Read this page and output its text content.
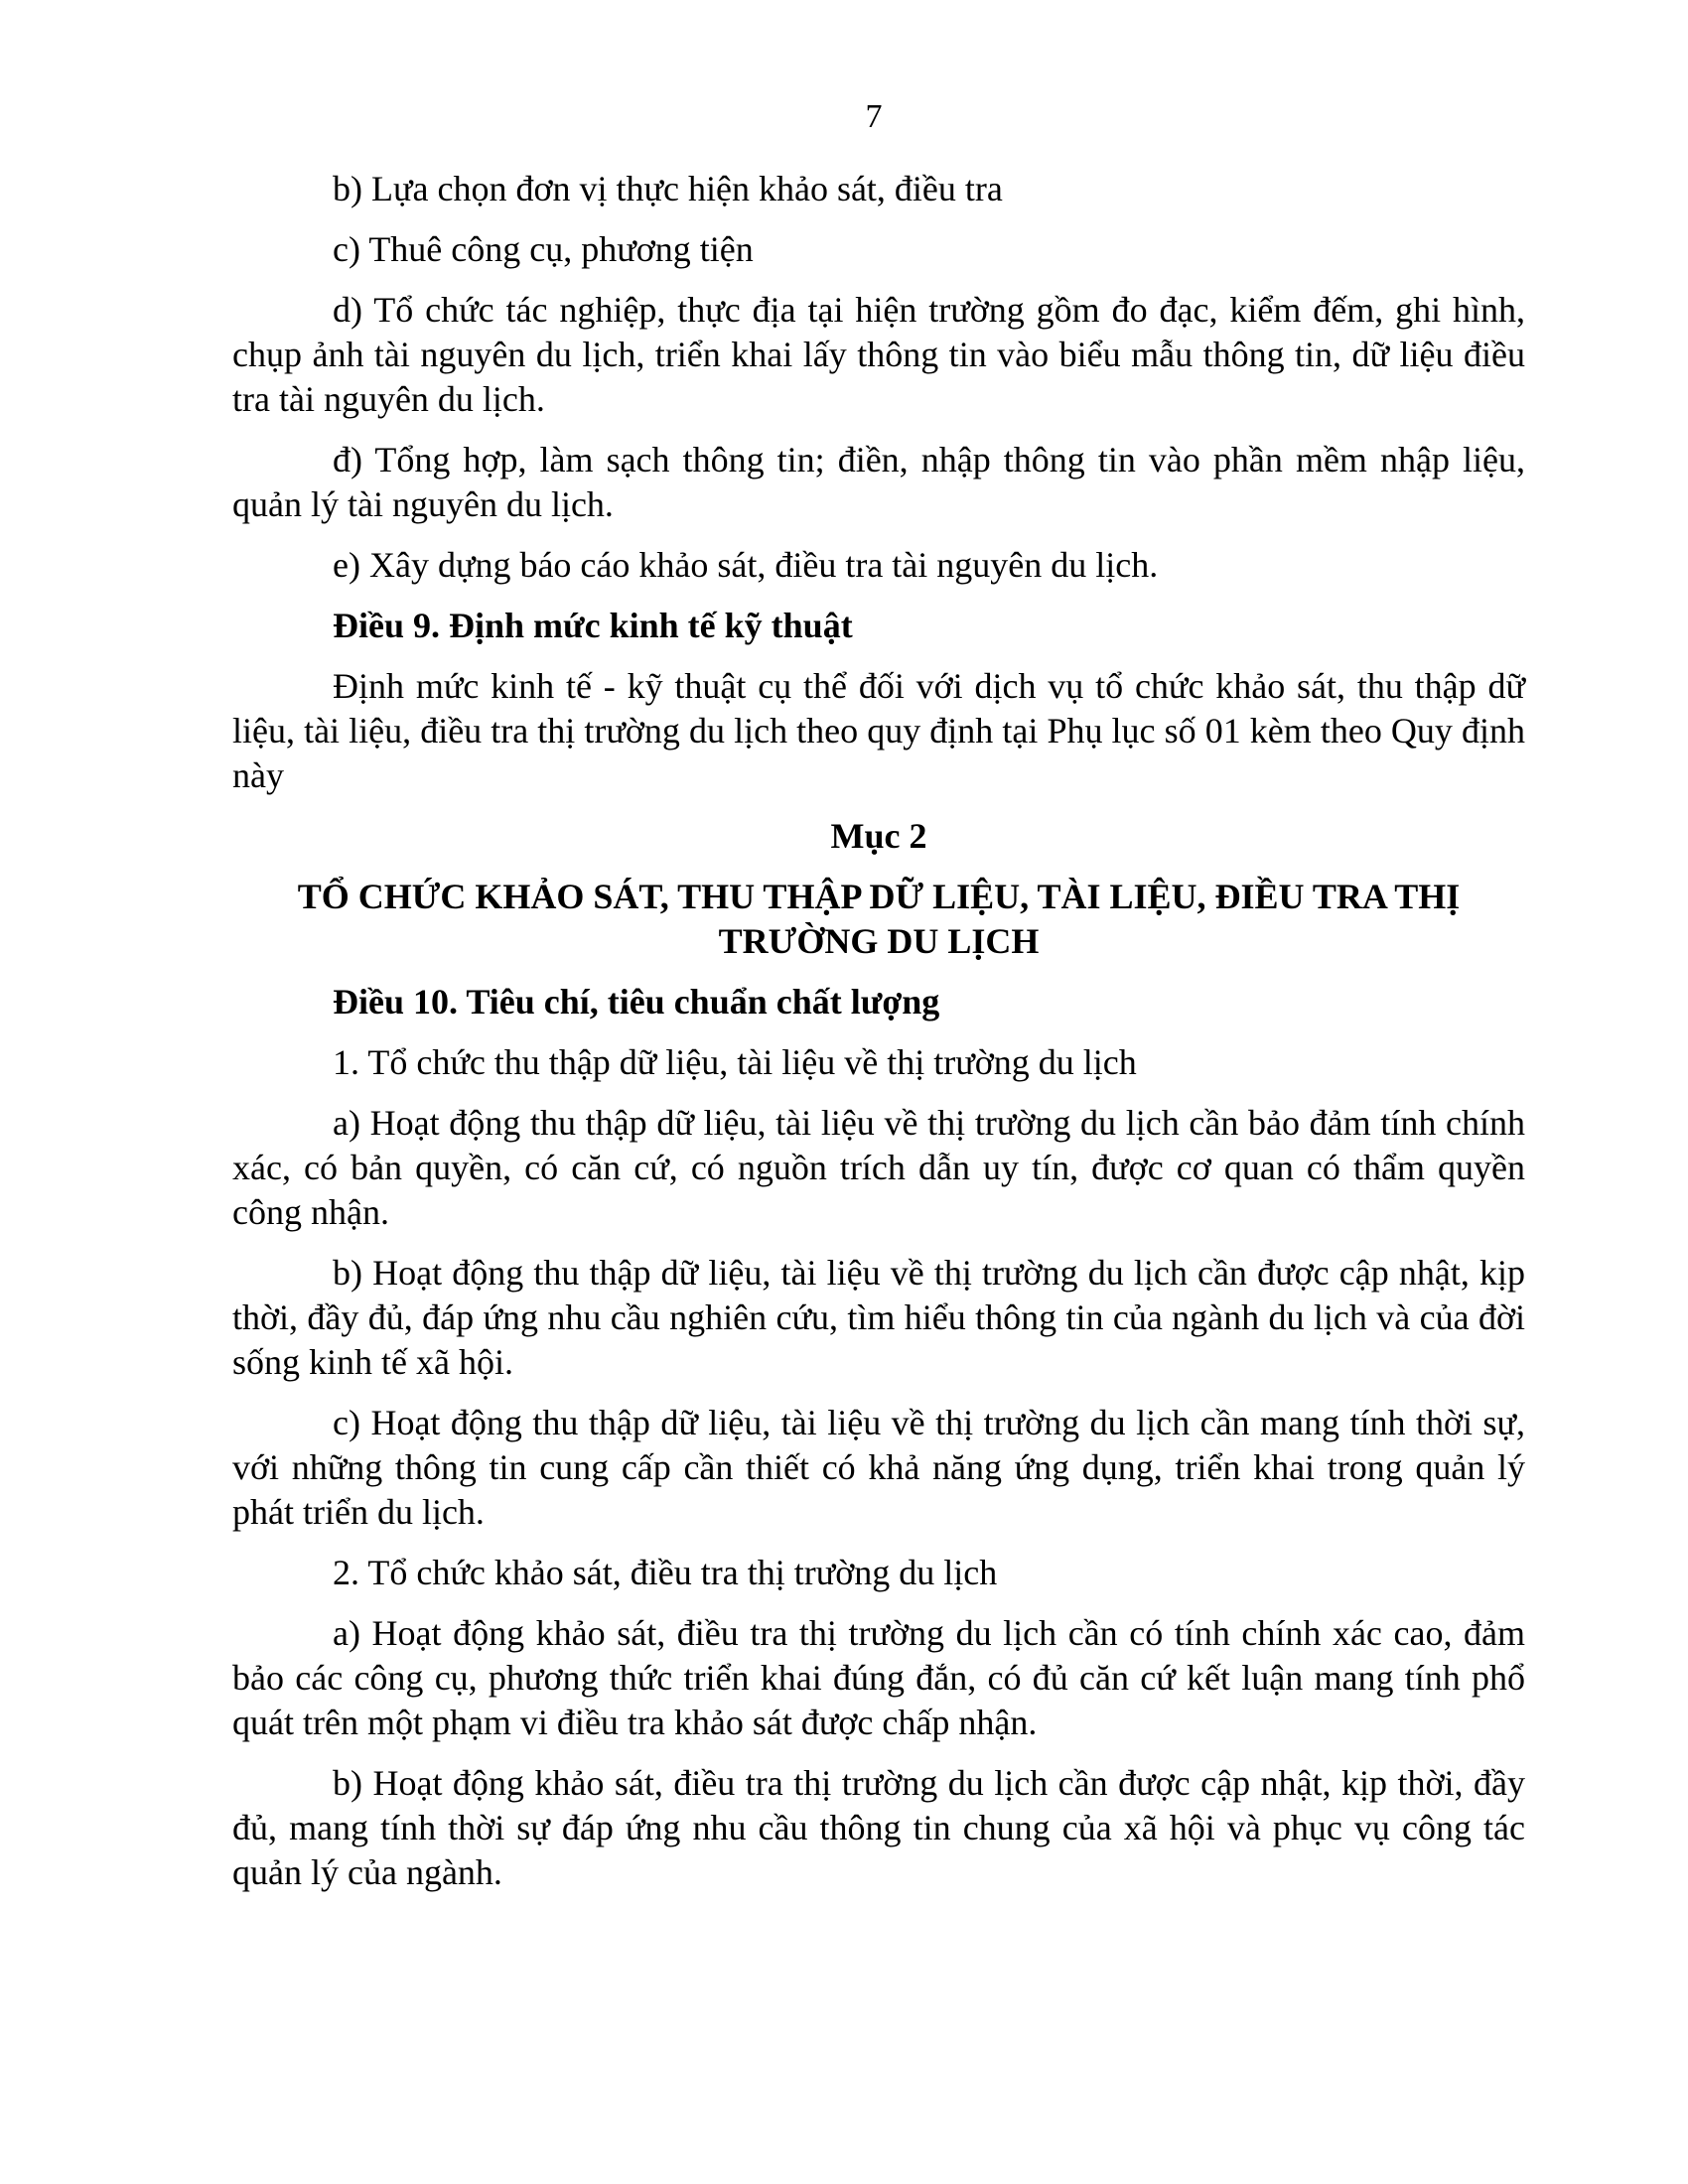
7

b) Lựa chọn đơn vị thực hiện khảo sát, điều tra

c) Thuê công cụ, phương tiện

d) Tổ chức tác nghiệp, thực địa tại hiện trường gồm đo đạc, kiểm đếm, ghi hình, chụp ảnh tài nguyên du lịch, triển khai lấy thông tin vào biểu mẫu thông tin, dữ liệu điều tra tài nguyên du lịch.

đ) Tổng hợp, làm sạch thông tin; điền, nhập thông tin vào phần mềm nhập liệu, quản lý tài nguyên du lịch.

e) Xây dựng báo cáo khảo sát, điều tra tài nguyên du lịch.

Điều 9. Định mức kinh tế kỹ thuật

Định mức kinh tế - kỹ thuật cụ thể đối với dịch vụ tổ chức khảo sát, thu thập dữ liệu, tài liệu, điều tra thị trường du lịch theo quy định tại Phụ lục số 01 kèm theo Quy định này

Mục 2

TỔ CHỨC KHẢO SÁT, THU THẬP DỮ LIỆU, TÀI LIỆU, ĐIỀU TRA THỊ TRƯỜNG DU LỊCH

Điều 10. Tiêu chí, tiêu chuẩn chất lượng

1. Tổ chức thu thập dữ liệu, tài liệu về thị trường du lịch

a) Hoạt động thu thập dữ liệu, tài liệu về thị trường du lịch cần bảo đảm tính chính xác, có bản quyền, có căn cứ, có nguồn trích dẫn uy tín, được cơ quan có thẩm quyền công nhận.

b) Hoạt động thu thập dữ liệu, tài liệu về thị trường du lịch cần được cập nhật, kịp thời, đầy đủ, đáp ứng nhu cầu nghiên cứu, tìm hiểu thông tin của ngành du lịch và của đời sống kinh tế xã hội.

c) Hoạt động thu thập dữ liệu, tài liệu về thị trường du lịch cần mang tính thời sự, với những thông tin cung cấp cần thiết có khả năng ứng dụng, triển khai trong quản lý phát triển du lịch.

2. Tổ chức khảo sát, điều tra thị trường du lịch

a) Hoạt động khảo sát, điều tra thị trường du lịch cần có tính chính xác cao, đảm bảo các công cụ, phương thức triển khai đúng đắn, có đủ căn cứ kết luận mang tính phổ quát trên một phạm vi điều tra khảo sát được chấp nhận.

b) Hoạt động khảo sát, điều tra thị trường du lịch cần được cập nhật, kịp thời, đầy đủ, mang tính thời sự đáp ứng nhu cầu thông tin chung của xã hội và phục vụ công tác quản lý của ngành.
